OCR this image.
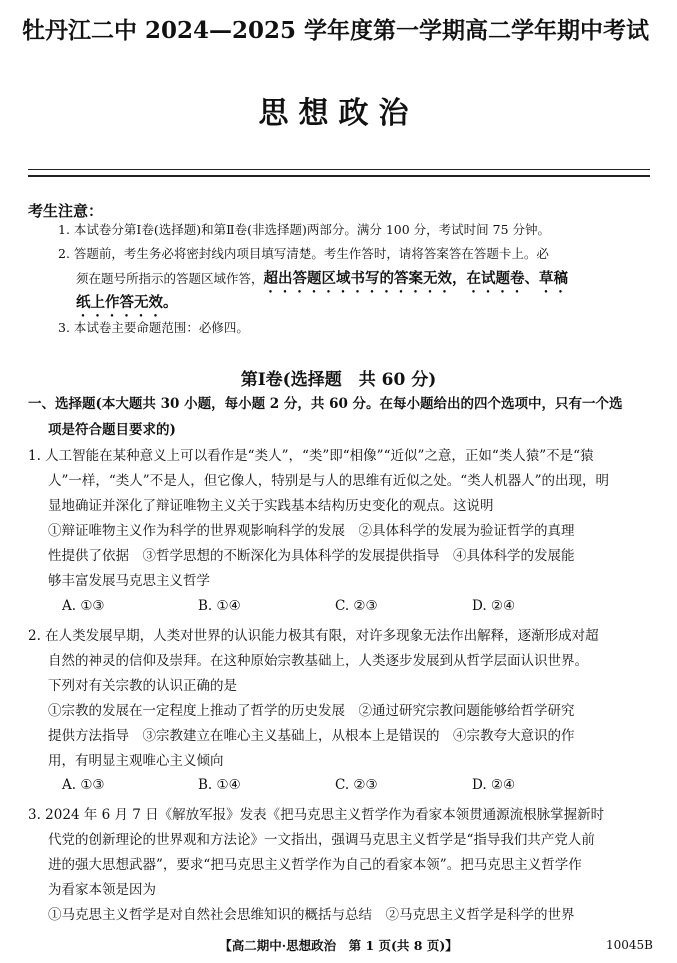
牡丹江二中 2024—2025 学年度第一学期高二学年期中考试
思想政治
考生注意：
1. 本试卷分第Ⅰ卷(选择题)和第Ⅱ卷(非选择题)两部分。满分 100 分，考试时间 75 分钟。
2. 答题前，考生务必将密封线内项目填写清楚。考生作答时，请将答案答在答题卡上。必
须在题号所指示的答题区域作答，超出答题区域书写的答案无效，在试题卷、草稿
纸上作答无效。
3. 本试卷主要命题范围：必修四。
第Ⅰ卷(选择题　共 60 分)
一、选择题(本大题共 30 小题，每小题 2 分，共 60 分。在每小题给出的四个选项中，只有一个选
项是符合题目要求的)
1. 人工智能在某种意义上可以看作是“类人”，“类”即“相像”“近似”之意，正如“类人猿”不是“猿
人”一样，“类人”不是人，但它像人，特别是与人的思维有近似之处。“类人机器人”的出现，明
显地确证并深化了辩证唯物主义关于实践基本结构历史变化的观点。这说明
①辩证唯物主义作为科学的世界观影响科学的发展　②具体科学的发展为验证哲学的真理
性提供了依据　③哲学思想的不断深化为具体科学的发展提供指导　④具体科学的发展能
够丰富发展马克思主义哲学
A. ①③	B. ①④	C. ②③	D. ②④
2. 在人类发展早期，人类对世界的认识能力极其有限，对许多现象无法作出解释，逐渐形成对超
自然的神灵的信仰及崇拜。在这种原始宗教基础上，人类逐步发展到从哲学层面认识世界。
下列对有关宗教的认识正确的是
①宗教的发展在一定程度上推动了哲学的历史发展　②通过研究宗教问题能够给哲学研究
提供方法指导　③宗教建立在唯心主义基础上，从根本上是错误的　④宗教夸大意识的作
用，有明显主观唯心主义倾向
A. ①③	B. ①④	C. ②③	D. ②④
3. 2024 年 6 月 7 日《解放军报》发表《把马克思主义哲学作为看家本领贯通源流根脉掌握新时
代党的创新理论的世界观和方法论》一文指出，强调马克思主义哲学是“指导我们共产党人前
进的强大思想武器”，要求“把马克思主义哲学作为自己的看家本领”。把马克思主义哲学作
为看家本领是因为
①马克思主义哲学是对自然社会思维知识的概括与总结　②马克思主义哲学是科学的世界
【高二期中·思想政治　第 1 页(共 8 页)】	10045B
